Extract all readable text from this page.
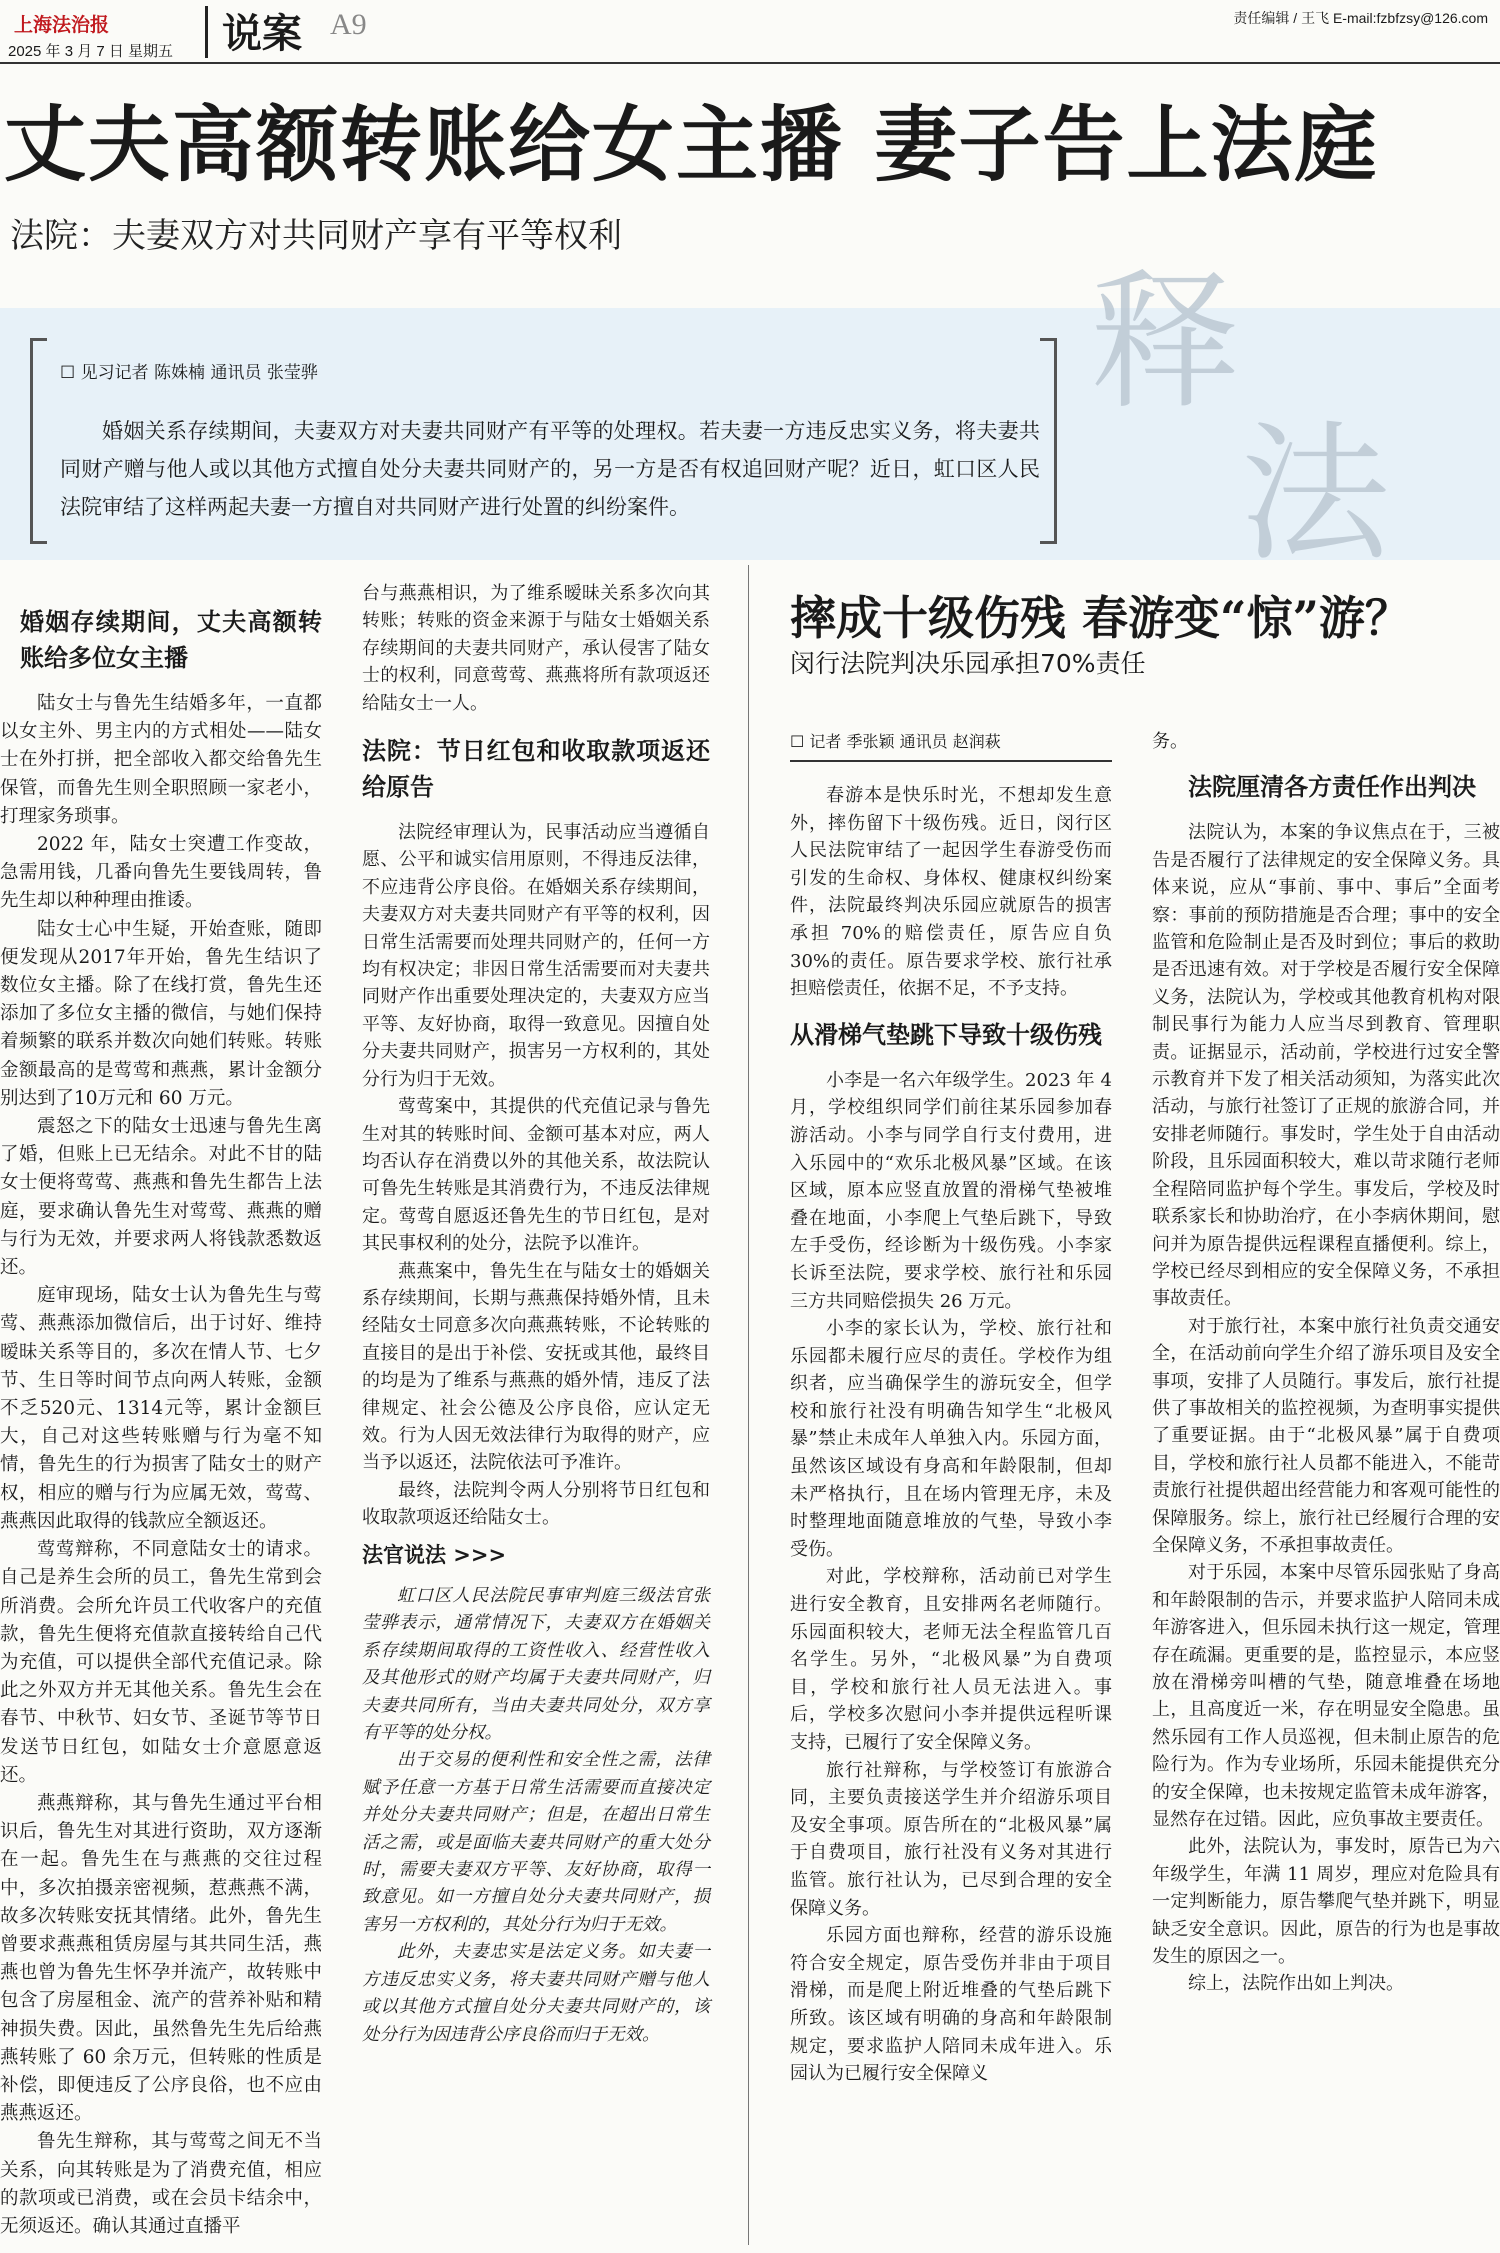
上海法治报
2025 年 3 月 7 日 星期五 说案 A9	责任编辑 / 王飞 E-mail:fzbfzsy@126.com
丈夫高额转账给女主播 妻子告上法庭
法院：夫妻双方对共同财产享有平等权利
释
法
☐ 见习记者 陈姝楠 通讯员 张莹骅
婚姻关系存续期间，夫妻双方对夫妻共同财产有平等的处理权。若夫妻一方违反忠实义务，将夫妻共同财产赠与他人或以其他方式擅自处分夫妻共同财产的，另一方是否有权追回财产呢？近日，虹口区人民法院审结了这样两起夫妻一方擅自对共同财产进行处置的纠纷案件。
婚姻存续期间，丈夫高额转账给多位女主播

陆女士与鲁先生结婚多年，一直都以女主外、男主内的方式相处——陆女士在外打拼，把全部收入都交给鲁先生保管，而鲁先生则全职照顾一家老小，打理家务琐事。

2022 年，陆女士突遭工作变故，急需用钱，几番向鲁先生要钱周转，鲁先生却以种种理由推诿。

陆女士心中生疑，开始查账，随即便发现从2017年开始，鲁先生结识了数位女主播。除了在线打赏，鲁先生还添加了多位女主播的微信，与她们保持着频繁的联系并数次向她们转账。转账金额最高的是莺莺和燕燕，累计金额分别达到了10万元和 60 万元。

震怒之下的陆女士迅速与鲁先生离了婚，但账上已无结余。对此不甘的陆女士便将莺莺、燕燕和鲁先生都告上法庭，要求确认鲁先生对莺莺、燕燕的赠与行为无效，并要求两人将钱款悉数返还。

庭审现场，陆女士认为鲁先生与莺莺、燕燕添加微信后，出于讨好、维持暧昧关系等目的，多次在情人节、七夕节、生日等时间节点向两人转账，金额不乏520元、1314元等，累计金额巨大，自己对这些转账赠与行为毫不知情，鲁先生的行为损害了陆女士的财产权，相应的赠与行为应属无效，莺莺、燕燕因此取得的钱款应全额返还。

莺莺辩称，不同意陆女士的请求。自己是养生会所的员工，鲁先生常到会所消费。会所允许员工代收客户的充值款，鲁先生便将充值款直接转给自己代为充值，可以提供全部代充值记录。除此之外双方并无其他关系。鲁先生会在春节、中秋节、妇女节、圣诞节等节日发送节日红包，如陆女士介意愿意返还。

燕燕辩称，其与鲁先生通过平台相识后，鲁先生对其进行资助，双方逐渐在一起。鲁先生在与燕燕的交往过程中，多次拍摄亲密视频，惹燕燕不满，故多次转账安抚其情绪。此外，鲁先生曾要求燕燕租赁房屋与其共同生活，燕燕也曾为鲁先生怀孕并流产，故转账中包含了房屋租金、流产的营养补贴和精神损失费。因此，虽然鲁先生先后给燕燕转账了 60 余万元，但转账的性质是补偿，即便违反了公序良俗，也不应由燕燕返还。

鲁先生辩称，其与莺莺之间无不当关系，向其转账是为了消费充值，相应的款项或已消费，或在会员卡结余中，无须返还。确认其通过直播平

台与燕燕相识，为了维系暧昧关系多次向其转账；转账的资金来源于与陆女士婚姻关系存续期间的夫妻共同财产，承认侵害了陆女士的权利，同意莺莺、燕燕将所有款项返还给陆女士一人。

法院：节日红包和收取款项返还给原告

法院经审理认为，民事活动应当遵循自愿、公平和诚实信用原则，不得违反法律，不应违背公序良俗。在婚姻关系存续期间，夫妻双方对夫妻共同财产有平等的权利，因日常生活需要而处理共同财产的，任何一方均有权决定；非因日常生活需要而对夫妻共同财产作出重要处理决定的，夫妻双方应当平等、友好协商，取得一致意见。因擅自处分夫妻共同财产，损害另一方权利的，其处分行为归于无效。

莺莺案中，其提供的代充值记录与鲁先生对其的转账时间、金额可基本对应，两人均否认存在消费以外的其他关系，故法院认可鲁先生转账是其消费行为，不违反法律规定。莺莺自愿返还鲁先生的节日红包，是对其民事权利的处分，法院予以准许。

燕燕案中，鲁先生在与陆女士的婚姻关系存续期间，长期与燕燕保持婚外情，且未经陆女士同意多次向燕燕转账，不论转账的直接目的是出于补偿、安抚或其他，最终目的均是为了维系与燕燕的婚外情，违反了法律规定、社会公德及公序良俗，应认定无效。行为人因无效法律行为取得的财产，应当予以返还，法院依法可予准许。

最终，法院判令两人分别将节日红包和收取款项返还给陆女士。

法官说法 >>>

虹口区人民法院民事审判庭三级法官张莹骅表示，通常情况下，夫妻双方在婚姻关系存续期间取得的工资性收入、经营性收入及其他形式的财产均属于夫妻共同财产，归夫妻共同所有，当由夫妻共同处分，双方享有平等的处分权。

出于交易的便利性和安全性之需，法律赋予任意一方基于日常生活需要而直接决定并处分夫妻共同财产；但是，在超出日常生活之需，或是面临夫妻共同财产的重大处分时，需要夫妻双方平等、友好协商，取得一致意见。如一方擅自处分夫妻共同财产，损害另一方权利的，其处分行为归于无效。

此外，夫妻忠实是法定义务。如夫妻一方违反忠实义务，将夫妻共同财产赠与他人或以其他方式擅自处分夫妻共同财产的，该处分行为因违背公序良俗而归于无效。

摔成十级伤残 春游变“惊”游？
闵行法院判决乐园承担70%责任
☐ 记者 季张颖 通讯员 赵润萩

春游本是快乐时光，不想却发生意外，摔伤留下十级伤残。近日，闵行区人民法院审结了一起因学生春游受伤而引发的生命权、身体权、健康权纠纷案件，法院最终判决乐园应就原告的损害承担 70%的赔偿责任，原告应自负 30%的责任。原告要求学校、旅行社承担赔偿责任，依据不足，不予支持。

从滑梯气垫跳下导致十级伤残

小李是一名六年级学生。2023 年 4 月，学校组织同学们前往某乐园参加春游活动。小李与同学自行支付费用，进入乐园中的“欢乐北极风暴”区域。在该区域，原本应竖直放置的滑梯气垫被堆叠在地面，小李爬上气垫后跳下，导致左手受伤，经诊断为十级伤残。小李家长诉至法院，要求学校、旅行社和乐园三方共同赔偿损失 26 万元。

小李的家长认为，学校、旅行社和乐园都未履行应尽的责任。学校作为组织者，应当确保学生的游玩安全，但学校和旅行社没有明确告知学生“北极风暴”禁止未成年人单独入内。乐园方面，虽然该区域设有身高和年龄限制，但却未严格执行，且在场内管理无序，未及时整理地面随意堆放的气垫，导致小李受伤。

对此，学校辩称，活动前已对学生进行安全教育，且安排两名老师随行。乐园面积较大，老师无法全程监管几百名学生。另外，“北极风暴”为自费项目，学校和旅行社人员无法进入。事后，学校多次慰问小李并提供远程听课支持，已履行了安全保障义务。

旅行社辩称，与学校签订有旅游合同，主要负责接送学生并介绍游乐项目及安全事项。原告所在的“北极风暴”属于自费项目，旅行社没有义务对其进行监管。旅行社认为，已尽到合理的安全保障义务。

乐园方面也辩称，经营的游乐设施符合安全规定，原告受伤并非由于项目滑梯，而是爬上附近堆叠的气垫后跳下所致。该区域有明确的身高和年龄限制规定，要求监护人陪同未成年进入。乐园认为已履行安全保障义

务。

法院厘清各方责任作出判决

法院认为，本案的争议焦点在于，三被告是否履行了法律规定的安全保障义务。具体来说，应从“事前、事中、事后”全面考察：事前的预防措施是否合理；事中的安全监管和危险制止是否及时到位；事后的救助是否迅速有效。对于学校是否履行安全保障义务，法院认为，学校或其他教育机构对限制民事行为能力人应当尽到教育、管理职责。证据显示，活动前，学校进行过安全警示教育并下发了相关活动须知，为落实此次活动，与旅行社签订了正规的旅游合同，并安排老师随行。事发时，学生处于自由活动阶段，且乐园面积较大，难以苛求随行老师全程陪同监护每个学生。事发后，学校及时联系家长和协助治疗，在小李病休期间，慰问并为原告提供远程课程直播便利。综上，学校已经尽到相应的安全保障义务，不承担事故责任。

对于旅行社，本案中旅行社负责交通安全，在活动前向学生介绍了游乐项目及安全事项，安排了人员随行。事发后，旅行社提供了事故相关的监控视频，为查明事实提供了重要证据。由于“北极风暴”属于自费项目，学校和旅行社人员都不能进入，不能苛责旅行社提供超出经营能力和客观可能性的保障服务。综上，旅行社已经履行合理的安全保障义务，不承担事故责任。

对于乐园，本案中尽管乐园张贴了身高和年龄限制的告示，并要求监护人陪同未成年游客进入，但乐园未执行这一规定，管理存在疏漏。更重要的是，监控显示，本应竖放在滑梯旁叫槽的气垫，随意堆叠在场地上，且高度近一米，存在明显安全隐患。虽然乐园有工作人员巡视，但未制止原告的危险行为。作为专业场所，乐园未能提供充分的安全保障，也未按规定监管未成年游客，显然存在过错。因此，应负事故主要责任。

此外，法院认为，事发时，原告已为六年级学生，年满 11 周岁，理应对危险具有一定判断能力，原告攀爬气垫并跳下，明显缺乏安全意识。因此，原告的行为也是事故发生的原因之一。

综上，法院作出如上判决。
